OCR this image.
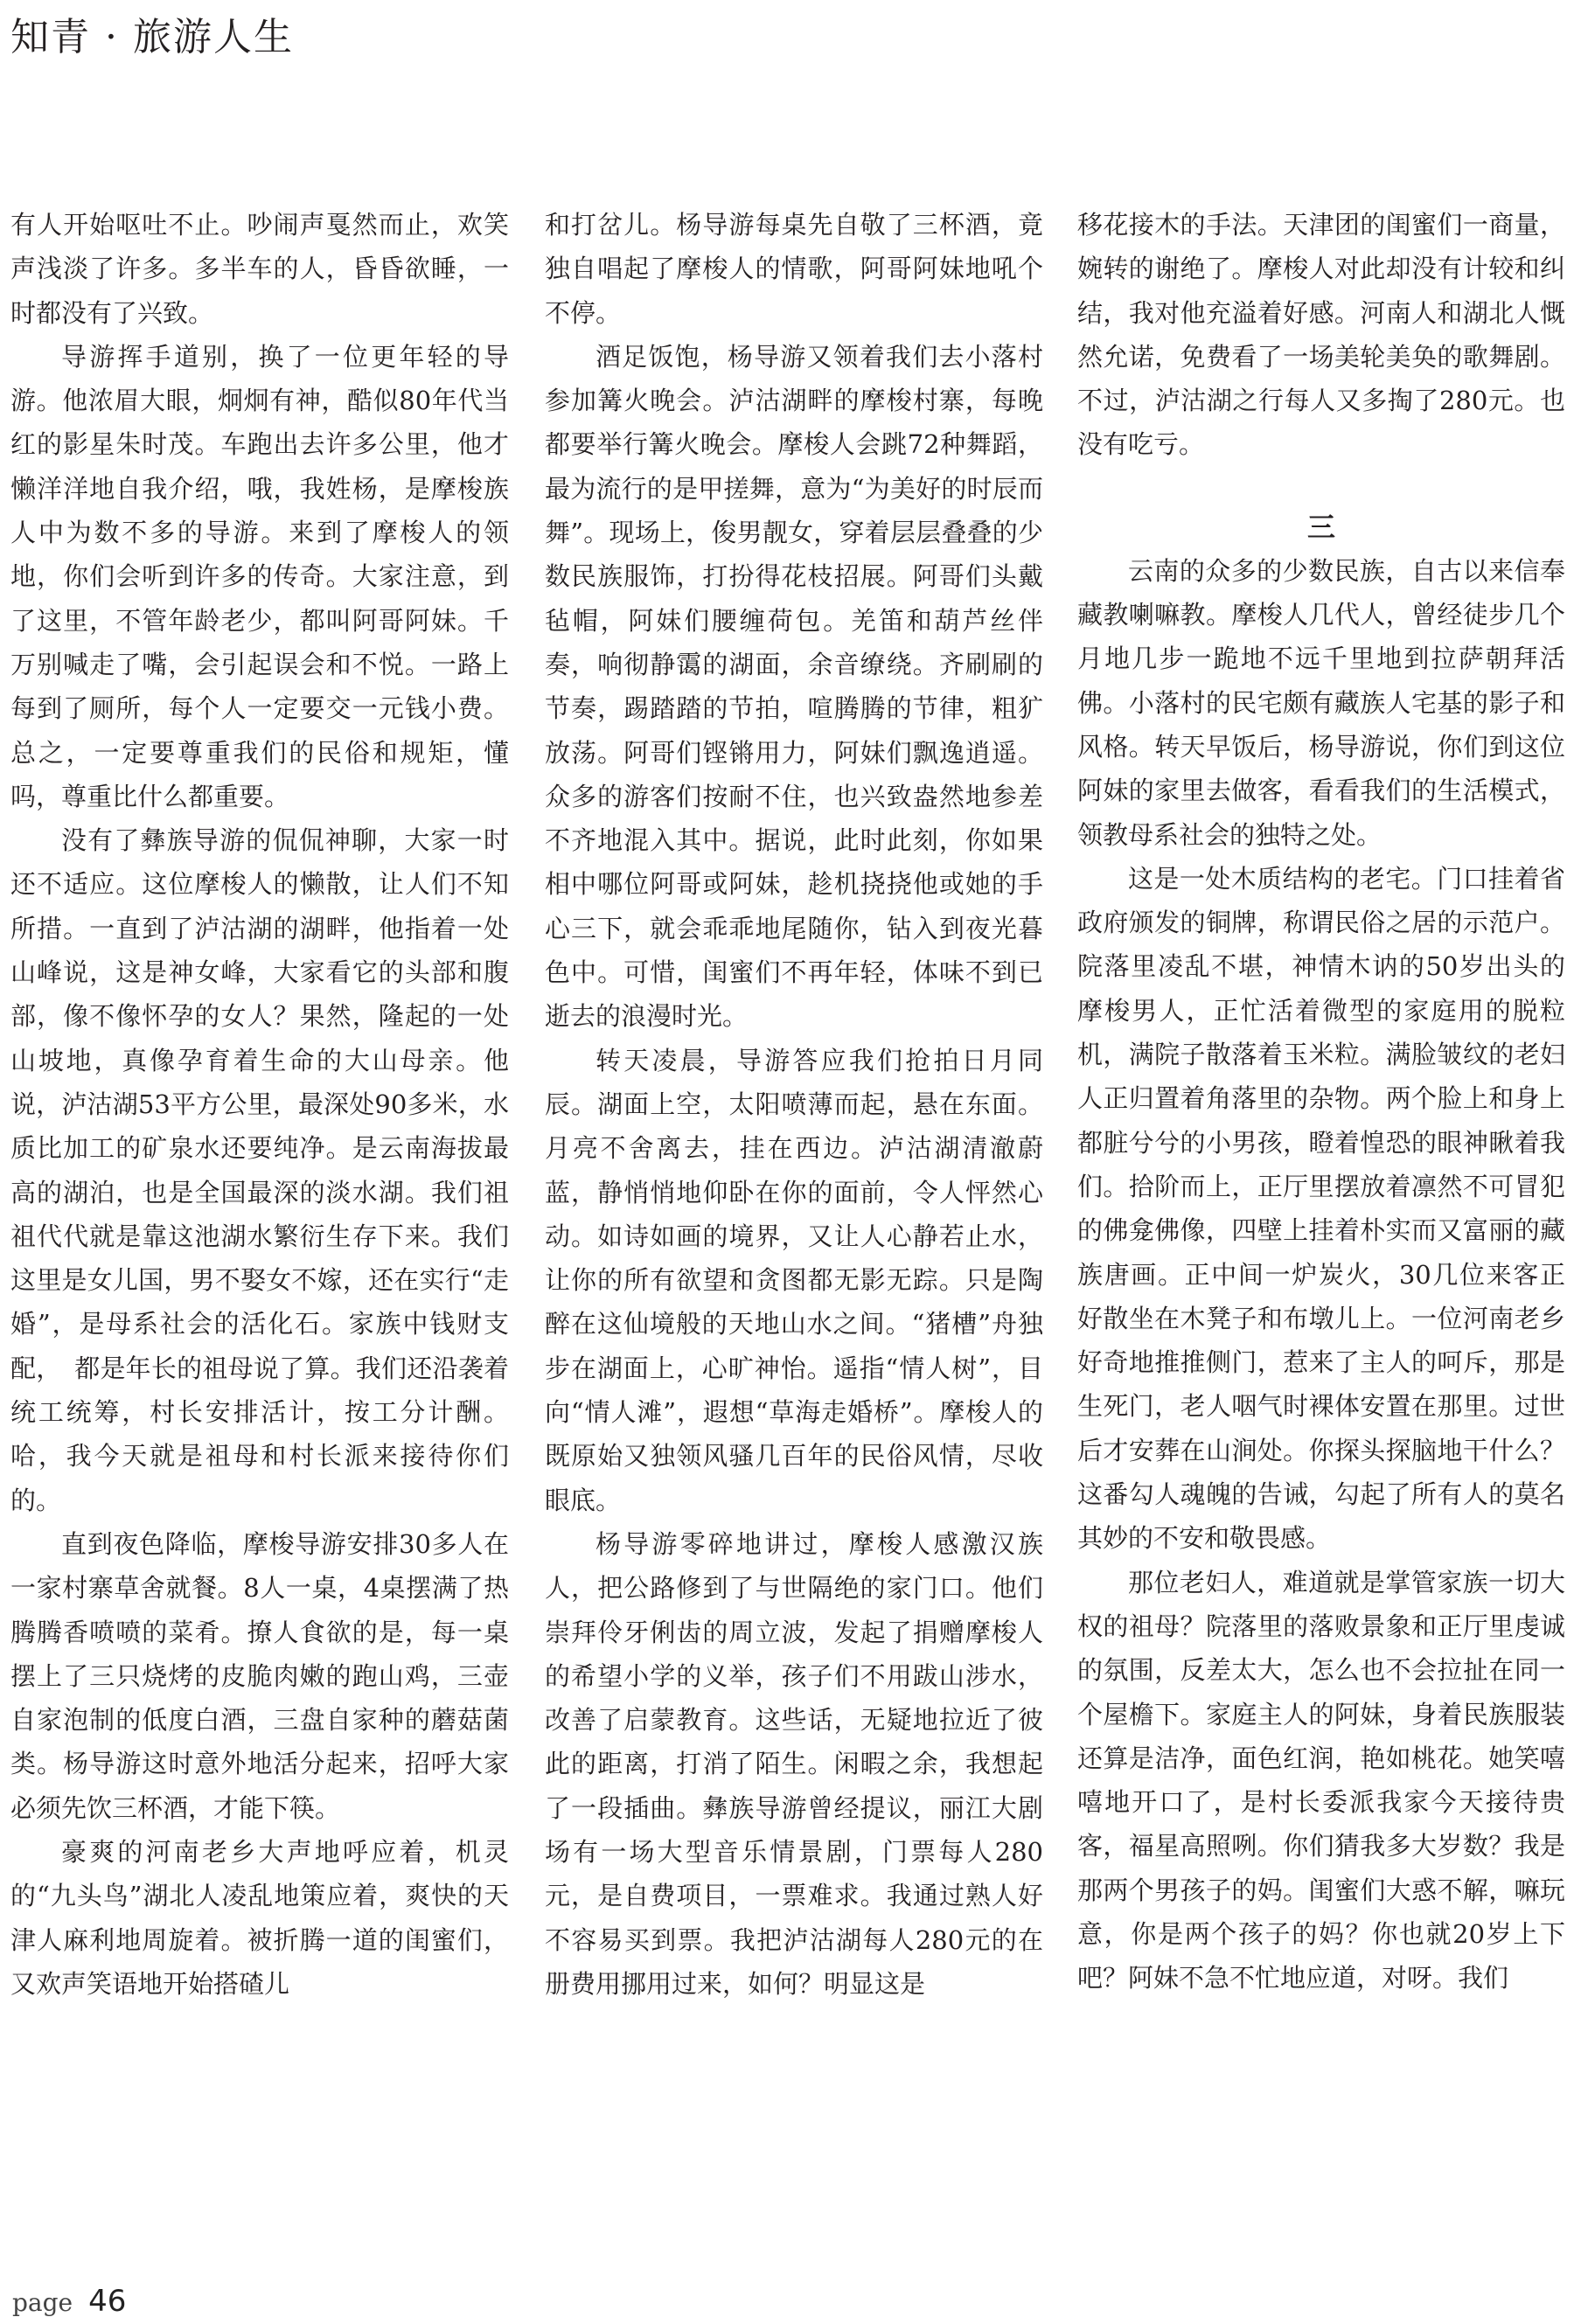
知青 · 旅游人生

有人开始呕吐不止。吵闹声戛然而止，欢笑声浅淡了许多。多半车的人，昏昏欲睡，一时都没有了兴致。

导游挥手道别，换了一位更年轻的导游。他浓眉大眼，炯炯有神，酷似80年代当红的影星朱时茂。车跑出去许多公里，他才懒洋洋地自我介绍，哦，我姓杨，是摩梭族人中为数不多的导游。来到了摩梭人的领地，你们会听到许多的传奇。大家注意，到了这里，不管年龄老少，都叫阿哥阿妹。千万别喊走了嘴，会引起误会和不悦。一路上每到了厕所，每个人一定要交一元钱小费。总之，一定要尊重我们的民俗和规矩，懂吗，尊重比什么都重要。

没有了彝族导游的侃侃神聊，大家一时还不适应。这位摩梭人的懒散，让人们不知所措。一直到了泸沽湖的湖畔，他指着一处山峰说，这是神女峰，大家看它的头部和腹部，像不像怀孕的女人？果然，隆起的一处山坡地，真像孕育着生命的大山母亲。他说，泸沽湖53平方公里，最深处90多米，水质比加工的矿泉水还要纯净。是云南海拔最高的湖泊，也是全国最深的淡水湖。我们祖祖代代就是靠这池湖水繁衍生存下来。我们这里是女儿国，男不娶女不嫁，还在实行“走婚”，是母系社会的活化石。家族中钱财支配，　都是年长的祖母说了算。我们还沿袭着统工统筹，村长安排活计，按工分计酬。哈，我今天就是祖母和村长派来接待你们的。

直到夜色降临，摩梭导游安排30多人在一家村寨草舍就餐。8人一桌，4桌摆满了热腾腾香喷喷的菜肴。撩人食欲的是，每一桌摆上了三只烧烤的皮脆肉嫩的跑山鸡，三壶自家泡制的低度白酒，三盘自家种的蘑菇菌类。杨导游这时意外地活分起来，招呼大家必须先饮三杯酒，才能下筷。

豪爽的河南老乡大声地呼应着，机灵的“九头鸟”湖北人凌乱地策应着，爽快的天津人麻利地周旋着。被折腾一道的闺蜜们，又欢声笑语地开始搭碴儿

和打岔儿。杨导游每桌先自敬了三杯酒，竟独自唱起了摩梭人的情歌，阿哥阿妹地吼个不停。

酒足饭饱，杨导游又领着我们去小落村参加篝火晚会。泸沽湖畔的摩梭村寨，每晚都要举行篝火晚会。摩梭人会跳72种舞蹈，最为流行的是甲搓舞，意为“为美好的时辰而舞”。现场上，俊男靓女，穿着层层叠叠的少数民族服饰，打扮得花枝招展。阿哥们头戴毡帽，阿妹们腰缠荷包。羌笛和葫芦丝伴奏，响彻静霭的湖面，余音缭绕。齐刷刷的节奏，踢踏踏的节拍，喧腾腾的节律，粗犷放荡。阿哥们铿锵用力，阿妹们飘逸逍遥。众多的游客们按耐不住，也兴致盎然地参差不齐地混入其中。据说，此时此刻，你如果相中哪位阿哥或阿妹，趁机挠挠他或她的手心三下，就会乖乖地尾随你，钻入到夜光暮色中。可惜，闺蜜们不再年轻，体味不到已逝去的浪漫时光。

转天凌晨，导游答应我们抢拍日月同辰。湖面上空，太阳喷薄而起，悬在东面。月亮不舍离去，挂在西边。泸沽湖清澈蔚蓝，静悄悄地仰卧在你的面前，令人怦然心动。如诗如画的境界，又让人心静若止水，让你的所有欲望和贪图都无影无踪。只是陶醉在这仙境般的天地山水之间。“猪槽”舟独步在湖面上，心旷神怡。遥指“情人树”，目向“情人滩”，遐想“草海走婚桥”。摩梭人的既原始又独领风骚几百年的民俗风情，尽收眼底。

杨导游零碎地讲过，摩梭人感激汉族人，把公路修到了与世隔绝的家门口。他们崇拜伶牙俐齿的周立波，发起了捐赠摩梭人的希望小学的义举，孩子们不用跋山涉水，改善了启蒙教育。这些话，无疑地拉近了彼此的距离，打消了陌生。闲暇之余，我想起了一段插曲。彝族导游曾经提议，丽江大剧场有一场大型音乐情景剧，门票每人280元，是自费项目，一票难求。我通过熟人好不容易买到票。我把泸沽湖每人280元的在册费用挪用过来，如何？明显这是

移花接木的手法。天津团的闺蜜们一商量，婉转的谢绝了。摩梭人对此却没有计较和纠结，我对他充溢着好感。河南人和湖北人慨然允诺，免费看了一场美轮美奂的歌舞剧。不过，泸沽湖之行每人又多掏了280元。也没有吃亏。

三

云南的众多的少数民族，自古以来信奉藏教喇嘛教。摩梭人几代人，曾经徒步几个月地几步一跪地不远千里地到拉萨朝拜活佛。小落村的民宅颇有藏族人宅基的影子和风格。转天早饭后，杨导游说，你们到这位阿妹的家里去做客，看看我们的生活模式，领教母系社会的独特之处。

这是一处木质结构的老宅。门口挂着省政府颁发的铜牌，称谓民俗之居的示范户。院落里凌乱不堪，神情木讷的50岁出头的摩梭男人，正忙活着微型的家庭用的脱粒机，满院子散落着玉米粒。满脸皱纹的老妇人正归置着角落里的杂物。两个脸上和身上都脏兮兮的小男孩，瞪着惶恐的眼神瞅着我们。拾阶而上，正厅里摆放着凛然不可冒犯的佛龛佛像，四壁上挂着朴实而又富丽的藏族唐画。正中间一炉炭火，30几位来客正好散坐在木凳子和布墩儿上。一位河南老乡好奇地推推侧门，惹来了主人的呵斥，那是生死门，老人咽气时裸体安置在那里。过世后才安葬在山涧处。你探头探脑地干什么？这番勾人魂魄的告诫，勾起了所有人的莫名其妙的不安和敬畏感。

那位老妇人，难道就是掌管家族一切大权的祖母？院落里的落败景象和正厅里虔诚的氛围，反差太大，怎么也不会拉扯在同一个屋檐下。家庭主人的阿妹，身着民族服装还算是洁净，面色红润，艳如桃花。她笑嘻嘻地开口了，是村长委派我家今天接待贵客，福星高照咧。你们猜我多大岁数？我是那两个男孩子的妈。闺蜜们大惑不解，嘛玩意，你是两个孩子的妈？你也就20岁上下吧？阿妹不急不忙地应道，对呀。我们

page 46
